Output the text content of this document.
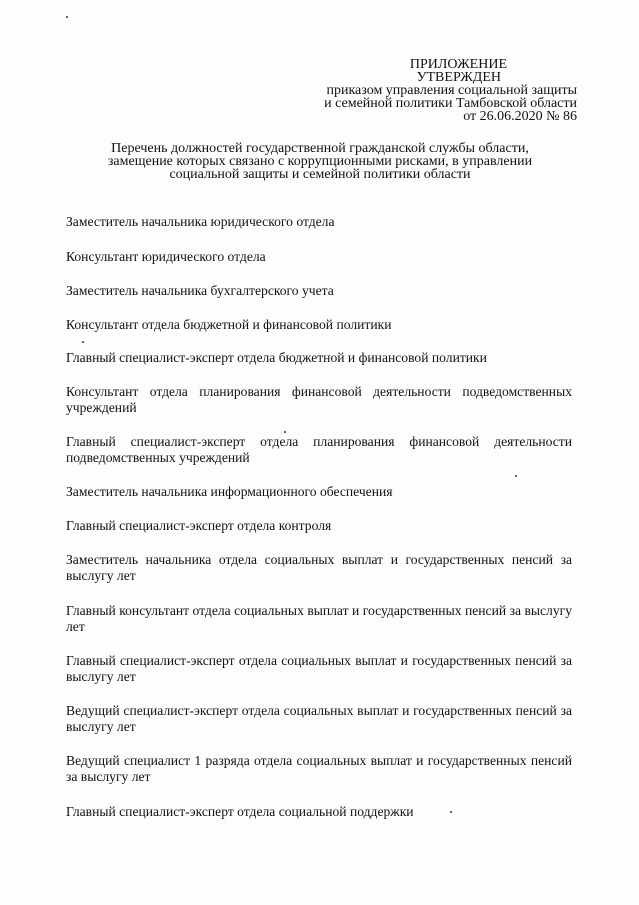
ПРИЛОЖЕНИЕ
УТВЕРЖДЕН
приказом управления социальной защиты
и семейной политики Тамбовской области
от 26.06.2020 № 86
Перечень должностей государственной гражданской службы области,
замещение которых связано с коррупционными рисками, в управлении
социальной защиты и семейной политики области
Заместитель начальника юридического отдела
Консультант юридического отдела
Заместитель начальника бухгалтерского учета
Консультант отдела бюджетной и финансовой политики
Главный специалист-эксперт отдела бюджетной и финансовой политики
Консультант отдела планирования финансовой деятельности подведомственных учреждений
Главный специалист-эксперт отдела планирования финансовой деятельности подведомственных учреждений
Заместитель начальника информационного обеспечения
Главный специалист-эксперт отдела контроля
Заместитель начальника отдела социальных выплат и государственных пенсий за выслугу лет
Главный консультант отдела социальных выплат и государственных пенсий за выслугу лет
Главный специалист-эксперт отдела социальных выплат и государственных пенсий за выслугу лет
Ведущий специалист-эксперт отдела социальных выплат и государственных пенсий за выслугу лет
Ведущий специалист 1 разряда отдела социальных выплат и государственных пенсий за выслугу лет
Главный специалист-эксперт отдела социальной поддержки
